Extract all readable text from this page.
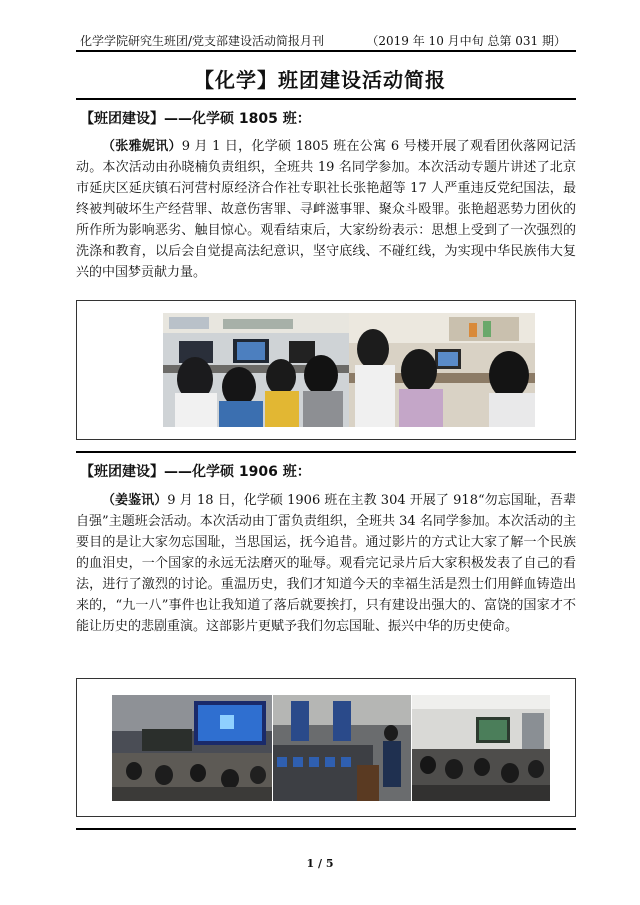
化学学院研究生班团/党支部建设活动简报月刊	（2019 年 10 月中旬 总第 031 期）
【化学】班团建设活动简报
【班团建设】——化学硕 1805 班：

（张雅妮讯）9 月 1 日，化学硕 1805 班在公寓 6 号楼开展了观看团伙落网记活动。本次活动由孙晓楠负责组织，全班共 19 名同学参加。本次活动专题片讲述了北京市延庆区延庆镇石河营村原经济合作社专职社长张艳超等 17 人严重违反党纪国法，最终被判破坏生产经营罪、故意伤害罪、寻衅滋事罪、聚众斗殴罪。张艳超恶势力团伙的所作所为影响恶劣、触目惊心。观看结束后，大家纷纷表示：思想上受到了一次强烈的洗涤和教育，以后会自觉提高法纪意识，坚守底线、不碰红线，为实现中华民族伟大复兴的中国梦贡献力量。

【班团建设】——化学硕 1906 班：

（姜鉴讯）9 月 18 日，化学硕 1906 班在主教 304 开展了 918“勿忘国耻，吾辈自强”主题班会活动。本次活动由丁雷负责组织，全班共 34 名同学参加。本次活动的主要目的是让大家勿忘国耻，当思国运，抚今追昔。通过影片的方式让大家了解一个民族的血泪史，一个国家的永远无法磨灭的耻辱。观看完记录片后大家积极发表了自己的看法，进行了激烈的讨论。重温历史，我们才知道今天的幸福生活是烈士们用鲜血铸造出来的，“九一八”事件也让我知道了落后就要挨打，只有建设出强大的、富饶的国家才不能让历史的悲剧重演。这部影片更赋予我们勿忘国耻、振兴中华的历史使命。

1 / 5
